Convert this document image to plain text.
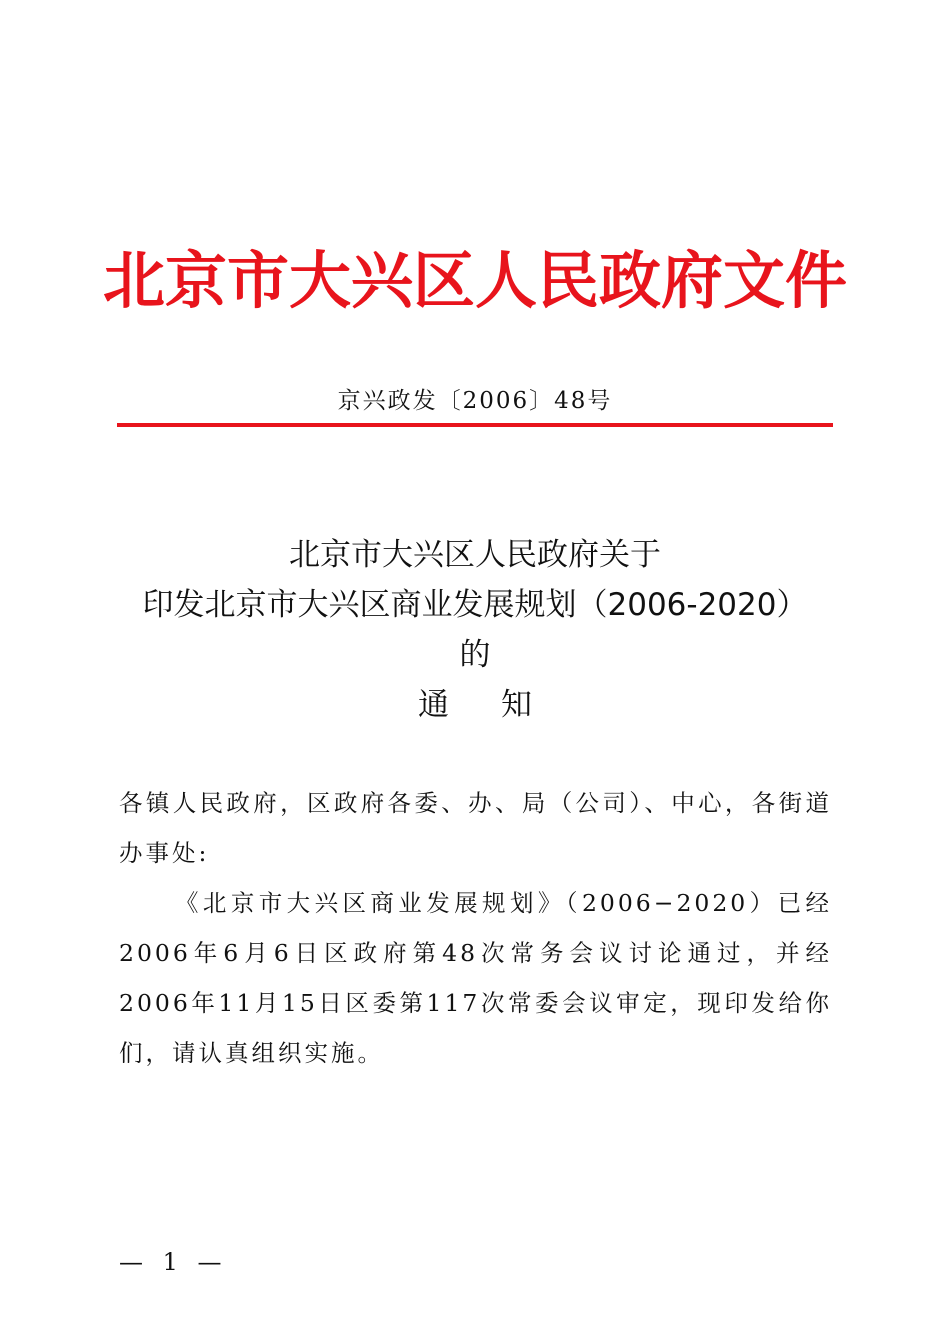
北京市大兴区人民政府文件
京兴政发〔2006〕48号
北京市大兴区人民政府关于
印发北京市大兴区商业发展规划（2006-2020）
的
通知
各镇人民政府，区政府各委、办、局（公司）、中心，各街道办事处:
《北京市大兴区商业发展规划》（2006−2020）已经2006年6月6日区政府第48次常务会议讨论通过，并经2006年11月15日区委第117次常委会议审定，现印发给你们，请认真组织实施。
— 1 —
